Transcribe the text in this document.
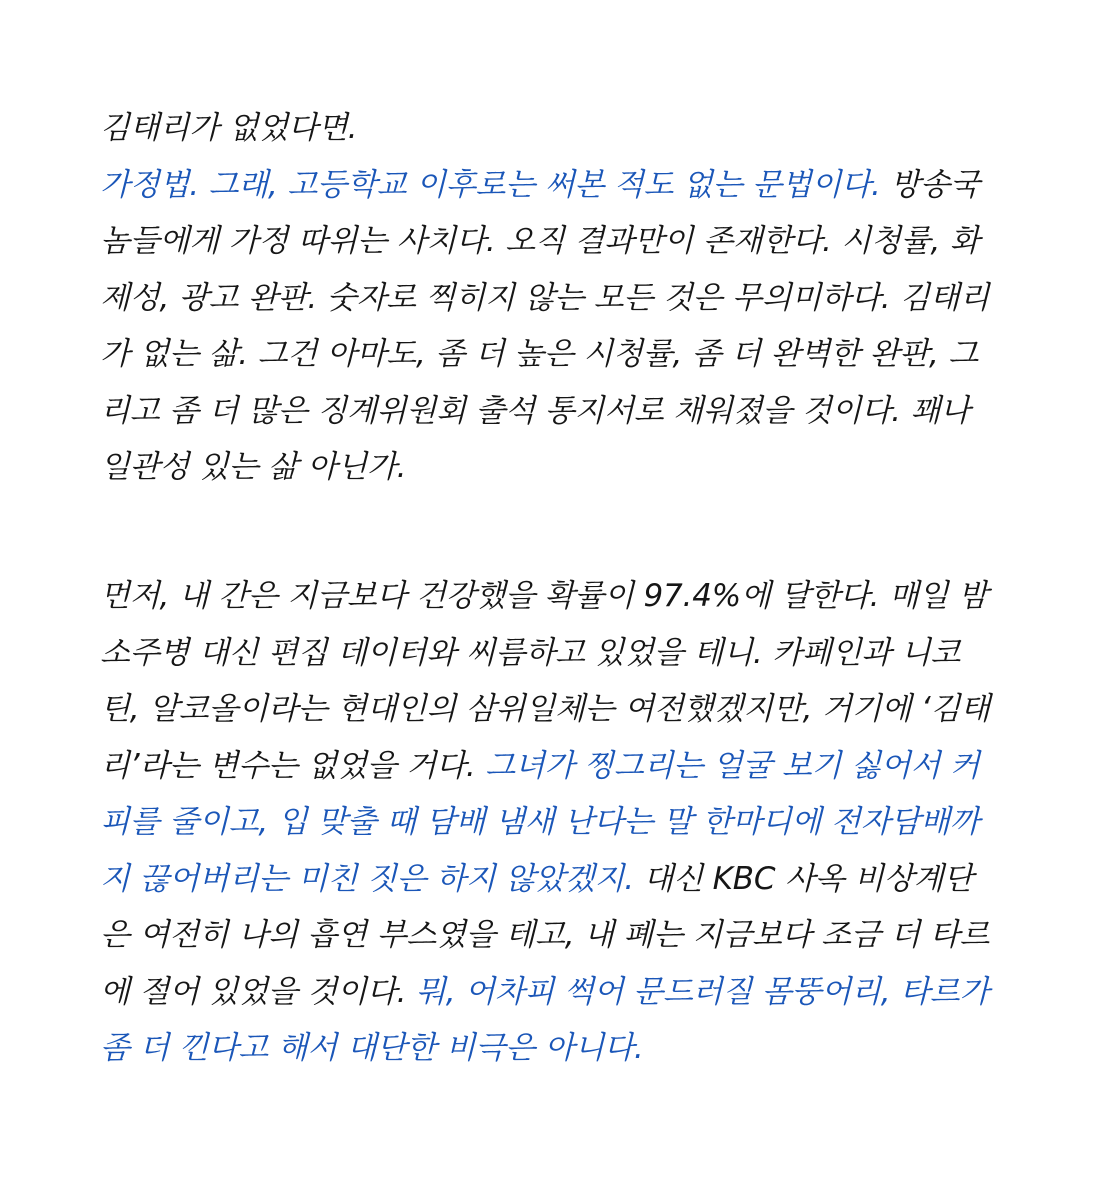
김태리가 없었다면.
가정법. 그래, 고등학교 이후로는 써본 적도 없는 문법이다. 방송국
놈들에게 가정 따위는 사치다. 오직 결과만이 존재한다. 시청률, 화
제성, 광고 완판. 숫자로 찍히지 않는 모든 것은 무의미하다. 김태리
가 없는 삶. 그건 아마도, 좀 더 높은 시청률, 좀 더 완벽한 완판, 그
리고 좀 더 많은 징계위원회 출석 통지서로 채워졌을 것이다. 꽤나
일관성 있는 삶 아닌가.
먼저, 내 간은 지금보다 건강했을 확률이 97.4%에 달한다. 매일 밤
소주병 대신 편집 데이터와 씨름하고 있었을 테니. 카페인과 니코
틴, 알코올이라는 현대인의 삼위일체는 여전했겠지만, 거기에 ‘김태
리’라는 변수는 없었을 거다. 그녀가 찡그리는 얼굴 보기 싫어서 커
피를 줄이고, 입 맞출 때 담배 냄새 난다는 말 한마디에 전자담배까
지 끊어버리는 미친 짓은 하지 않았겠지. 대신 KBC 사옥 비상계단
은 여전히 나의 흡연 부스였을 테고, 내 폐는 지금보다 조금 더 타르
에 절어 있었을 것이다. 뭐, 어차피 썩어 문드러질 몸뚱어리, 타르가
좀 더 낀다고 해서 대단한 비극은 아니다.
